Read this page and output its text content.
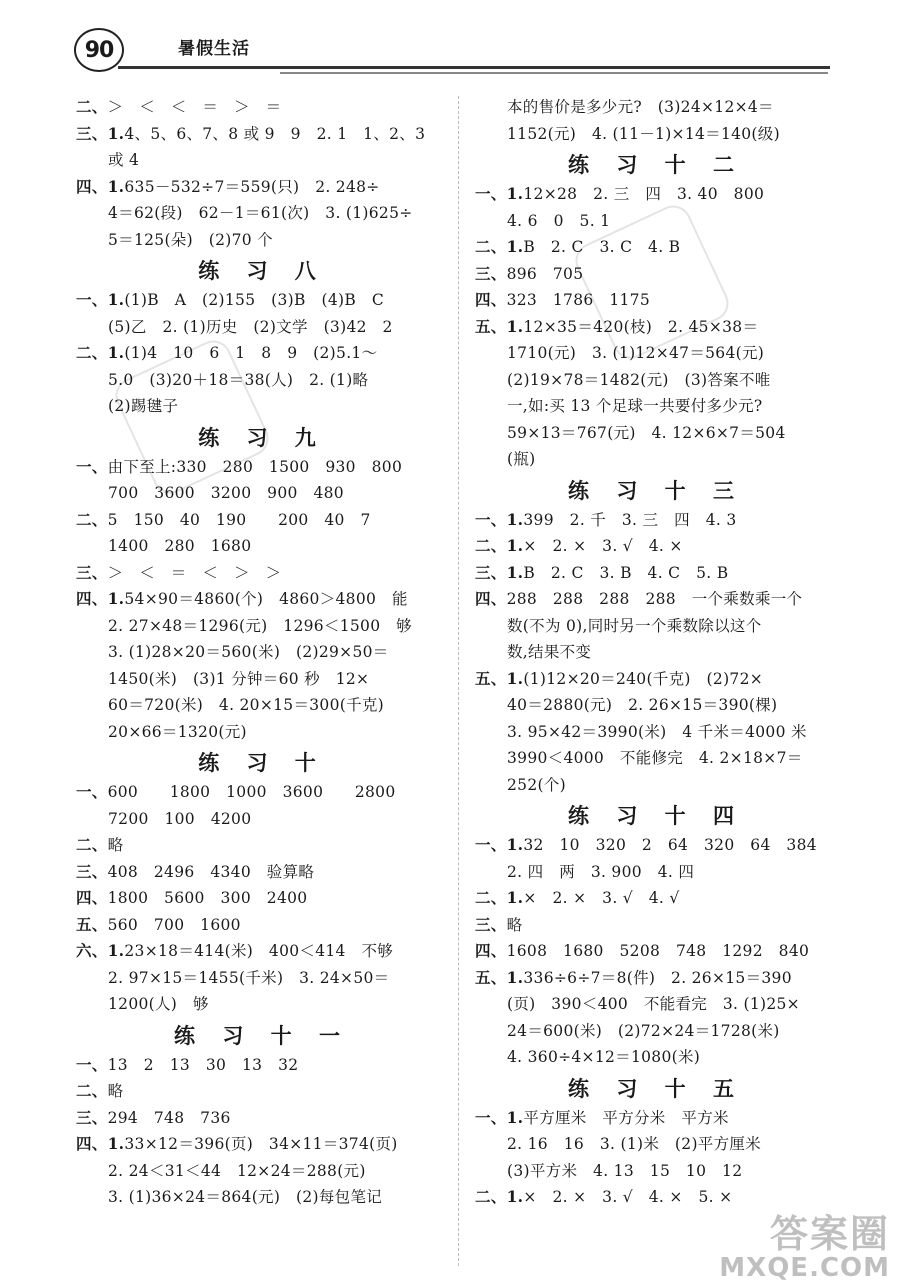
90	暑假生活
二、＞　＜　＜　＝　＞　＝
三、1.4、5、6、7、8 或 9　9　2. 1　1、2、3
或 4
四、1.635－532÷7＝559(只)　2. 248÷
4＝62(段)　62－1＝61(次)　3. (1)625÷
5＝125(朵)　(2)70 个
练 习 八
一、1.(1)B　A　(2)155　(3)B　(4)B　C
(5)乙　2. (1)历史　(2)文学　(3)42　2
二、1.(1)4　10　6　1　8　9　(2)5.1～
5.0　(3)20＋18＝38(人)　2. (1)略
(2)踢毽子
练 习 九
一、由下至上:330　280　1500　930　800
700　3600　3200　900　480
二、5　150　40　190　　200　40　7
1400　280　1680
三、＞　＜　＝　＜　＞　＞
四、1.54×90＝4860(个)　4860＞4800　能
2. 27×48＝1296(元)　1296＜1500　够
3. (1)28×20＝560(米)　(2)29×50＝
1450(米)　(3)1 分钟＝60 秒　12×
60＝720(米)　4. 20×15＝300(千克)
20×66＝1320(元)
练 习 十
一、600　　1800　1000　3600　　2800
7200　100　4200
二、略
三、408　2496　4340　验算略
四、1800　5600　300　2400
五、560　700　1600
六、1.23×18＝414(米)　400＜414　不够
2. 97×15＝1455(千米)　3. 24×50＝
1200(人)　够
练 习 十 一
一、13　2　13　30　13　32
二、略
三、294　748　736
四、1.33×12＝396(页)　34×11＝374(页)
2. 24＜31＜44　12×24＝288(元)
3. (1)36×24＝864(元)　(2)每包笔记
本的售价是多少元?　(3)24×12×4＝
1152(元)　4. (11－1)×14＝140(级)
练 习 十 二
一、1.12×28　2. 三　四　3. 40　800
4. 6　0　5. 1
二、1.B　2. C　3. C　4. B
三、896　705
四、323　1786　1175
五、1.12×35＝420(枝)　2. 45×38＝
1710(元)　3. (1)12×47＝564(元)
(2)19×78＝1482(元)　(3)答案不唯
一,如:买 13 个足球一共要付多少元?
59×13＝767(元)　4. 12×6×7＝504
(瓶)
练 习 十 三
一、1.399　2. 千　3. 三　四　4. 3
二、1.×　2. ×　3. √　4. ×
三、1.B　2. C　3. B　4. C　5. B
四、288　288　288　288　一个乘数乘一个
数(不为 0),同时另一个乘数除以这个
数,结果不变
五、1.(1)12×20＝240(千克)　(2)72×
40＝2880(元)　2. 26×15＝390(棵)
3. 95×42＝3990(米)　4 千米＝4000 米
3990＜4000　不能修完　4. 2×18×7＝
252(个)
练 习 十 四
一、1.32　10　320　2　64　320　64　384
2. 四　两　3. 900　4. 四
二、1.×　2. ×　3. √　4. √
三、略
四、1608　1680　5208　748　1292　840
五、1.336÷6÷7＝8(件)　2. 26×15＝390
(页)　390＜400　不能看完　3. (1)25×
24＝600(米)　(2)72×24＝1728(米)
4. 360÷4×12＝1080(米)
练 习 十 五
一、1.平方厘米　平方分米　平方米
2. 16　16　3. (1)米　(2)平方厘米
(3)平方米　4. 13　15　10　12
二、1.×　2. ×　3. √　4. ×　5. ×
答案圈
MXQE.COM
